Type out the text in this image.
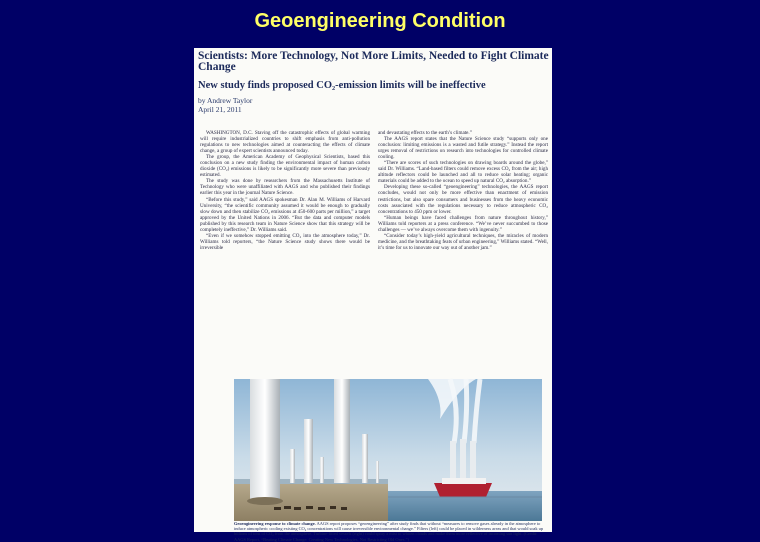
Geoengineering Condition
Scientists: More Technology, Not More Limits, Needed to Fight Climate Change
New study finds proposed CO₂-emission limits will be ineffective
by Andrew Taylor
April 21, 2011

WASHINGTON, D.C. Staving off the catastrophic effects of global warming will require industrialized countries to shift emphasis from anti-pollution regulations to new technologies aimed at counteracting the effects of climate change, a group of expert scientists announced today.

The group, the American Academy of Geophysical Scientists, based this conclusion on a new study finding the environmental impact of human carbon dioxide (CO₂) emissions is likely to be significantly more severe than previously estimated.

The study was done by researchers from the Massachusetts Institute of Technology who were unaffiliated with AAGS and who published their findings earlier this year in the journal Nature Science.

“Before this study,” said AAGS spokesman Dr. Alan M. Williams of Harvard University, “the scientific community assumed it would be enough to gradually slow down and then stabilize CO₂ emissions at 450-600 parts per million,” a target approved by the United Nations in 2006. “But the data and computer models published by this research team in Nature Science show that this strategy will be completely ineffective,” Dr. Williams said.

“Even if we somehow stopped emitting CO₂ into the atmosphere today,” Dr. Williams told reporters, “the Nature Science study shows there would be irreversible

and devastating effects to the earth’s climate.”

The AAGS report states that the Nature Science study “supports only one conclusion: limiting emissions is a wasted and futile strategy.” Instead the report urges removal of restrictions on research into technologies for controlled climate cooling.

“There are scores of such technologies on drawing boards around the globe,” said Dr. Williams. “Land-based filters could remove excess CO₂ from the air; high altitude reflectors could be launched and all to reduce solar heating; organic materials could be added to the ocean to speed up natural CO₂ absorption.”

Developing these so-called “geoengineering” technologies, the AAGS report concludes, would not only be more effective than enactment of emission restrictions, but also spare consumers and businesses from the heavy economic costs associated with the regulations necessary to reduce atmospheric CO₂ concentrations to 450 ppm or lower.

“Human beings have faced challenges from nature throughout history,” Williams told reporters at a press conference. “We’ve never succumbed to those challenges — we’ve always overcome them with ingenuity.”

“Consider today’s high-yield agricultural techniques, the miracles of modern medicine, and the breathtaking feats of urban engineering,” Williams stated. “Well, it’s time for us to innovate our way out of another jam.”

Geoengineering response to climate change. AAGS report proposes “geoengineering” after study finds that without “measures to remove gases already in the atmosphere to induce atmospheric cooling existing CO₂ concentrations will cause irreversible environmental change.” Filters (left) could be placed in wilderness areas and that would soak up billions of tons of CO₂ from the atmosphere. Turbine-fitted vessels (right) could spray a mist to whiten clouds and make them more reflective of incoming sun light. (Credit: AAGS Report, “Beating Climate Change: Creating New Technologies, Not Restricting Old Ones.”)
